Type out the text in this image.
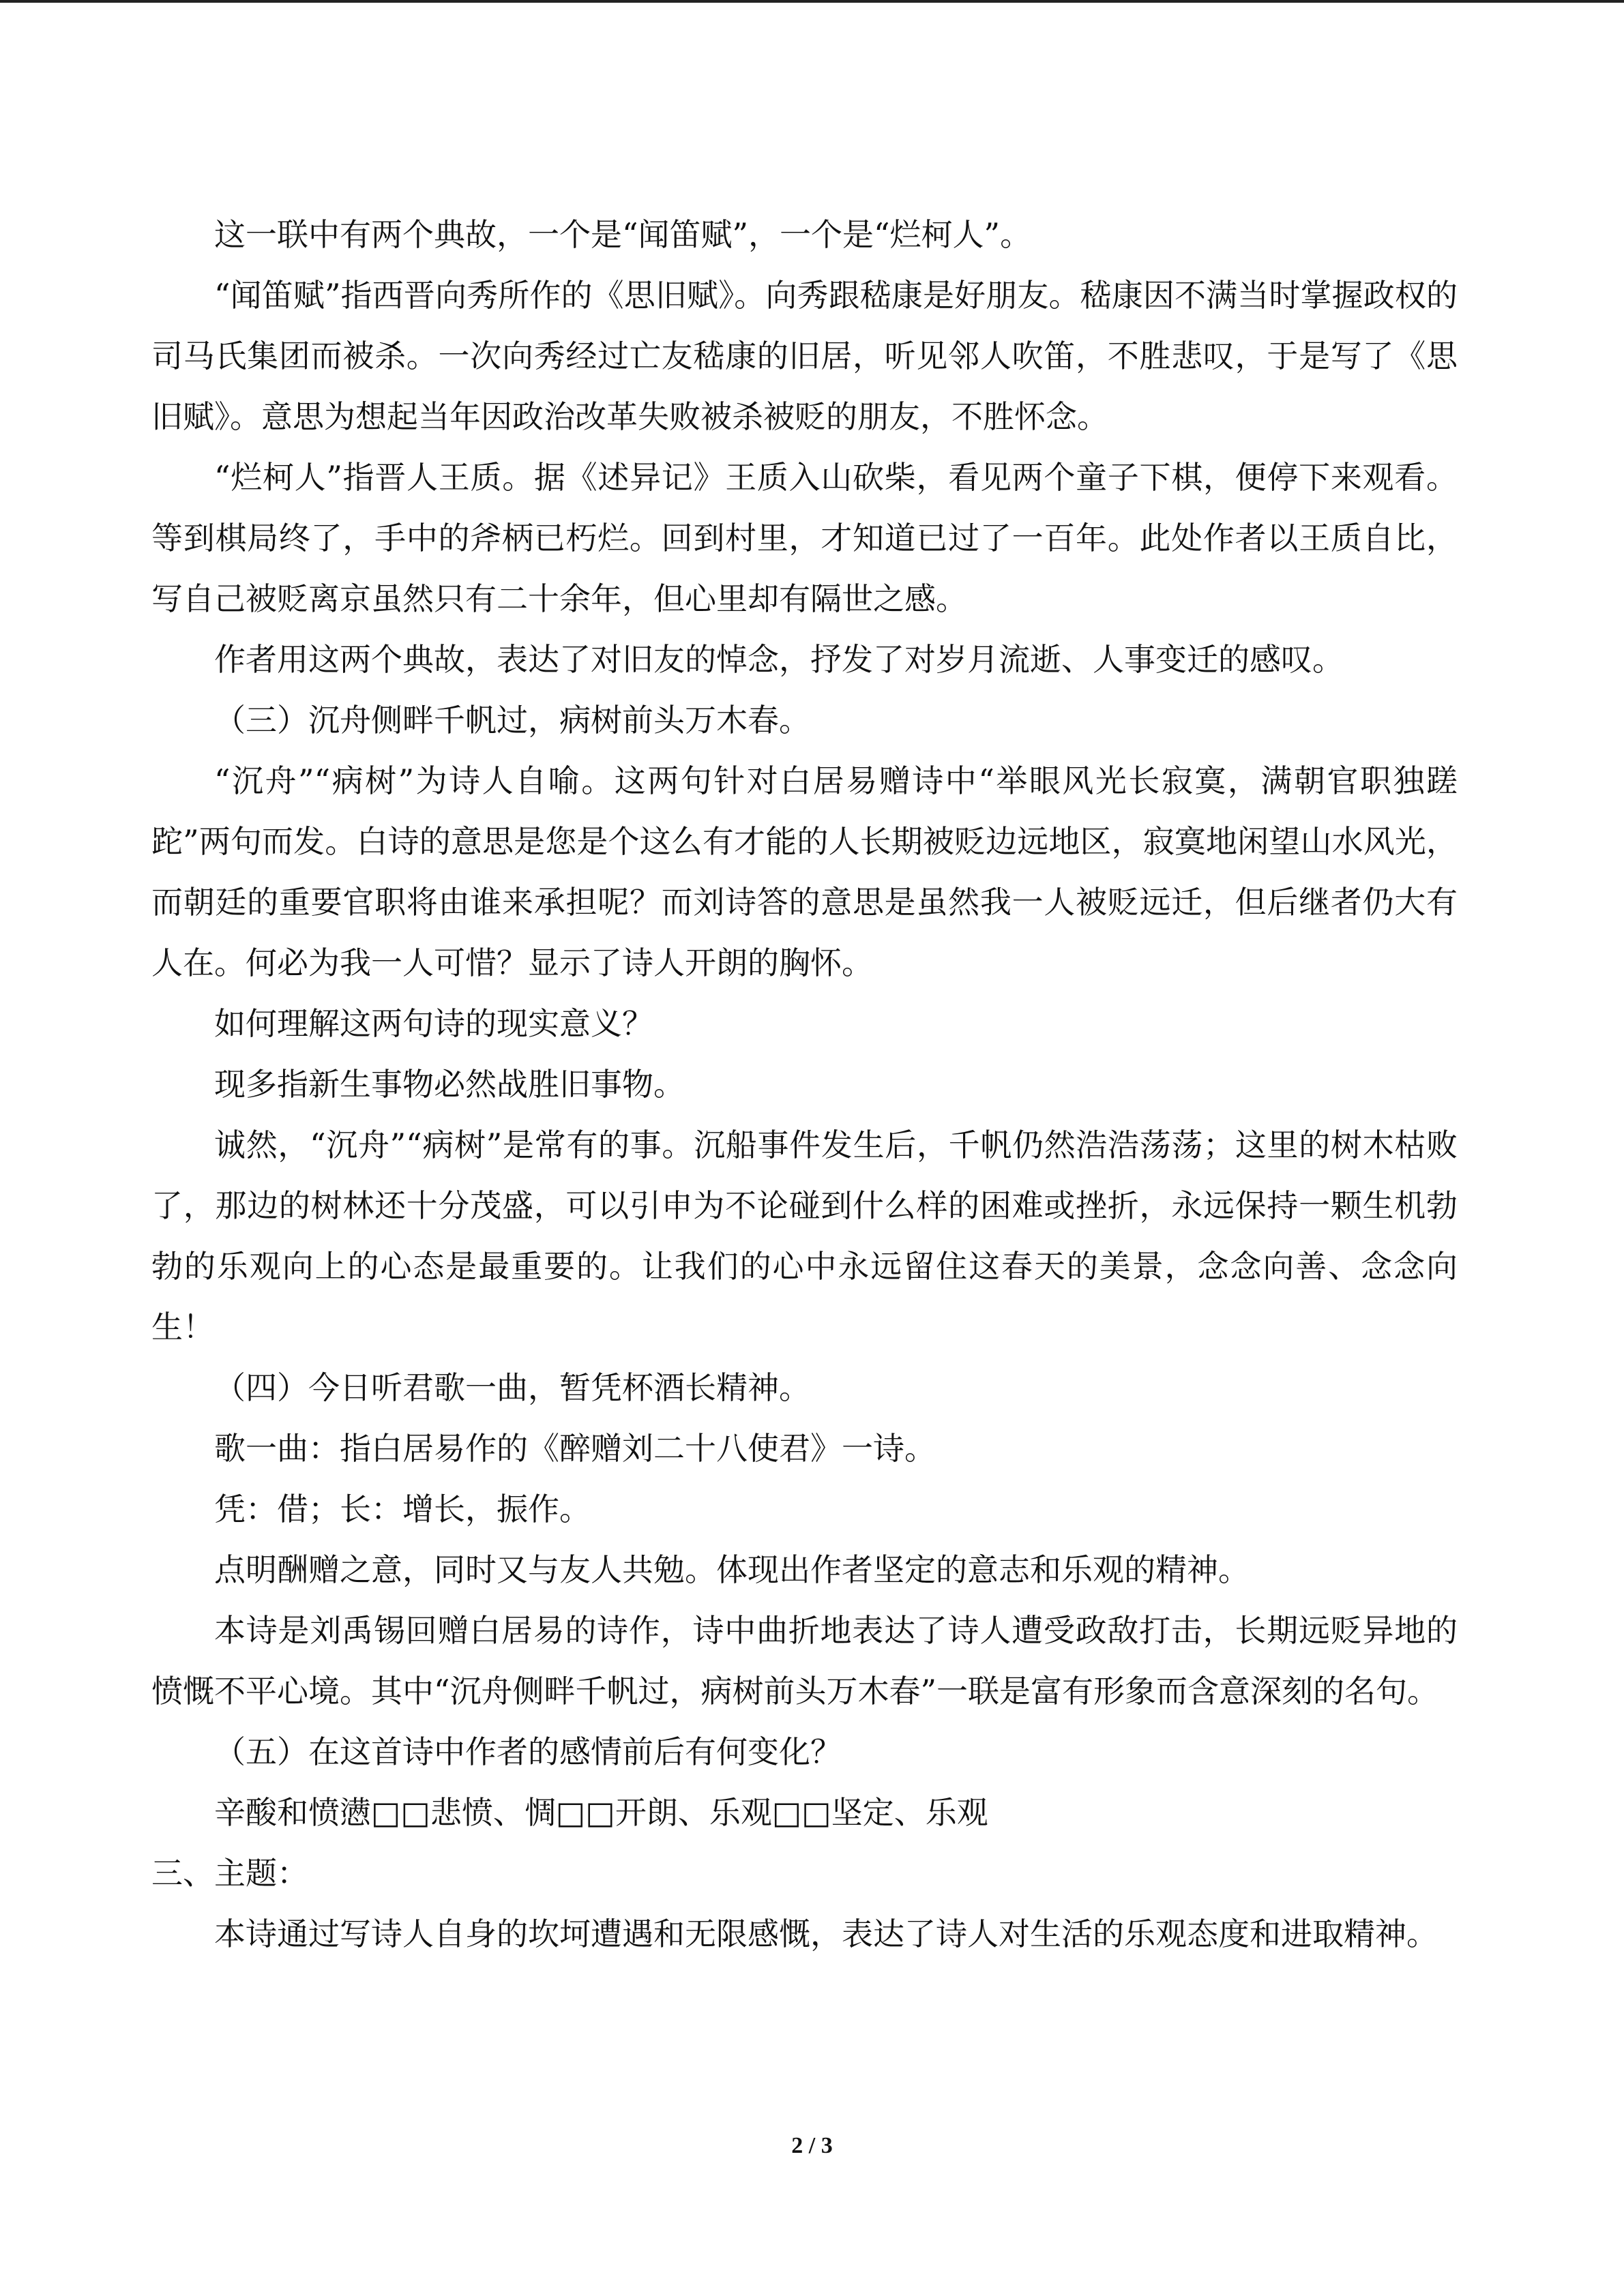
这一联中有两个典故，一个是“闻笛赋”，一个是“烂柯人”。

“闻笛赋”指西晋向秀所作的《思旧赋》。向秀跟嵇康是好朋友。嵇康因不满当时掌握政权的司马氏集团而被杀。一次向秀经过亡友嵇康的旧居，听见邻人吹笛，不胜悲叹，于是写了《思旧赋》。意思为想起当年因政治改革失败被杀被贬的朋友，不胜怀念。

“烂柯人”指晋人王质。据《述异记》王质入山砍柴，看见两个童子下棋，便停下来观看。等到棋局终了，手中的斧柄已朽烂。回到村里，才知道已过了一百年。此处作者以王质自比，写自己被贬离京虽然只有二十余年，但心里却有隔世之感。

作者用这两个典故，表达了对旧友的悼念，抒发了对岁月流逝、人事变迁的感叹。

（三）沉舟侧畔千帆过，病树前头万木春。

“沉舟”“病树”为诗人自喻。这两句针对白居易赠诗中“举眼风光长寂寞，满朝官职独蹉跎”两句而发。白诗的意思是您是个这么有才能的人长期被贬边远地区，寂寞地闲望山水风光，而朝廷的重要官职将由谁来承担呢？而刘诗答的意思是虽然我一人被贬远迁，但后继者仍大有人在。何必为我一人可惜？显示了诗人开朗的胸怀。

如何理解这两句诗的现实意义？

现多指新生事物必然战胜旧事物。

诚然，“沉舟”“病树”是常有的事。沉船事件发生后，千帆仍然浩浩荡荡；这里的树木枯败了，那边的树林还十分茂盛，可以引申为不论碰到什么样的困难或挫折，永远保持一颗生机勃勃的乐观向上的心态是最重要的。让我们的心中永远留住这春天的美景，念念向善、念念向生！

（四）今日听君歌一曲，暂凭杯酒长精神。

歌一曲：指白居易作的《醉赠刘二十八使君》一诗。

凭：借；长：增长，振作。

点明酬赠之意，同时又与友人共勉。体现出作者坚定的意志和乐观的精神。

本诗是刘禹锡回赠白居易的诗作，诗中曲折地表达了诗人遭受政敌打击，长期远贬异地的愤慨不平心境。其中“沉舟侧畔千帆过，病树前头万木春”一联是富有形象而含意深刻的名句。

（五）在这首诗中作者的感情前后有何变化？

辛酸和愤懑□□悲愤、惆□□开朗、乐观□□坚定、乐观

三、主题：

本诗通过写诗人自身的坎坷遭遇和无限感慨，表达了诗人对生活的乐观态度和进取精神。

2 / 3
